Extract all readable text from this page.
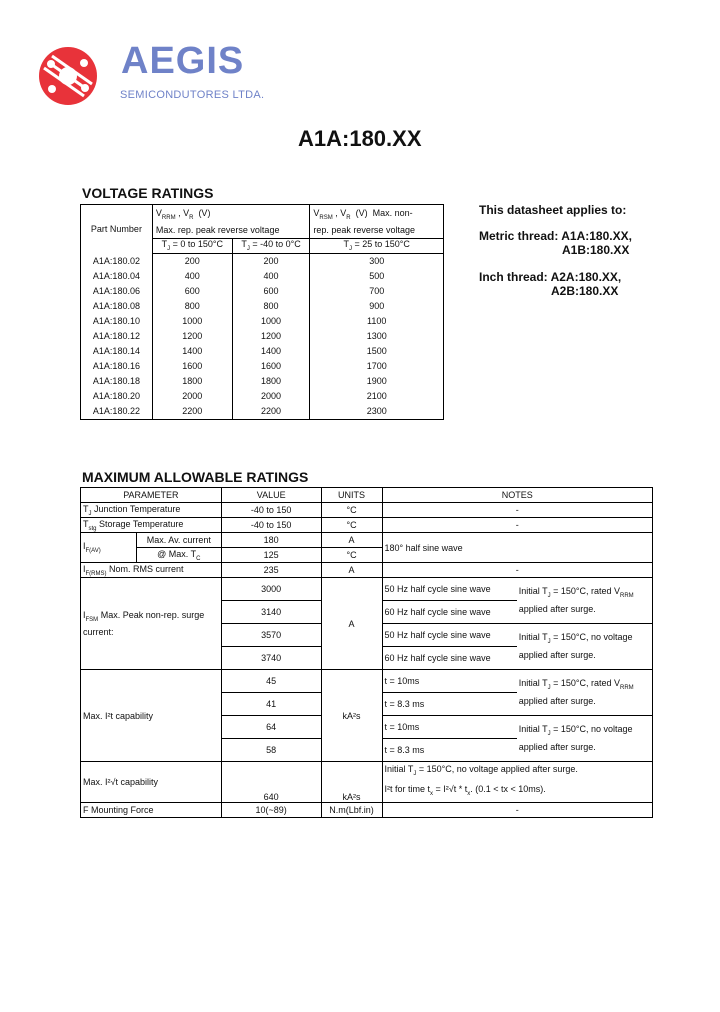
AEGIS
SEMICONDUTORES LTDA.
A1A:180.XX
VOLTAGE RATINGS
Part Number	$V_{RRM}$ , $V_R$  (V)
Max. rep. peak reverse voltage		$V_{RSM}$ , $V_R$  (V)  Max. non-
rep. peak reverse voltage
	$T_J = 0$ to 150°C	$T_J = -40$ to 0°C	$T_J = 25$ to 150°C
A1A:180.02	200	200	300
A1A:180.04	400	400	500
A1A:180.06	600	600	700
A1A:180.08	800	800	900
A1A:180.10	1000	1000	1100
A1A:180.12	1200	1200	1300
A1A:180.14	1400	1400	1500
A1A:180.16	1600	1600	1700
A1A:180.18	1800	1800	1900
A1A:180.20	2000	2000	2100
A1A:180.22	2200	2200	2300
This datasheet applies to:
Metric thread: A1A:180.XX,
A1B:180.XX
Inch thread: A2A:180.XX,
A2B:180.XX
MAXIMUM ALLOWABLE RATINGS
PARAMETER		VALUE	UNITS	NOTES	
$T_J$ Junction Temperature		-40 to 150	°C	-	
$T_{stg}$ Storage Temperature		-40 to 150	°C	-	
$I_{F(AV)}$	Max. Av. current	180	A	180° half sine wave	
	@ Max. $T_C$	125	°C		
$I_{F(RMS)}$ Nom. RMS current		235	A	-	
$I_{FSM}$ Max. Peak non-rep. surge
current:		3000	A	50 Hz half cycle sine wave	Initial $T_J = 150^\circ C$, rated $V_{RRM}$
applied after surge.
		3140		60 Hz half cycle sine wave	
		3570		50 Hz half cycle sine wave	Initial $T_J = 150^\circ C$, no voltage
applied after surge.
		3740		60 Hz half cycle sine wave	
Max. I²t capability		45	kA²s	t = 10ms	Initial $T_J = 150^\circ C$, rated $V_{RRM}$
applied after surge.
		41		t = 8.3 ms	
		64		t = 10ms	Initial $T_J = 150^\circ C$, no voltage
applied after surge.
		58		t = 8.3 ms	
Max. I²√t capability		640	kA²s	Initial $T_J = 150^\circ C$, no voltage applied after surge.
I²t for time $t_x = I^2√t * t_x$. (0.1 < tx < 10ms).	
F Mounting Force		10(~89)	N.m(Lbf.in)	-	
